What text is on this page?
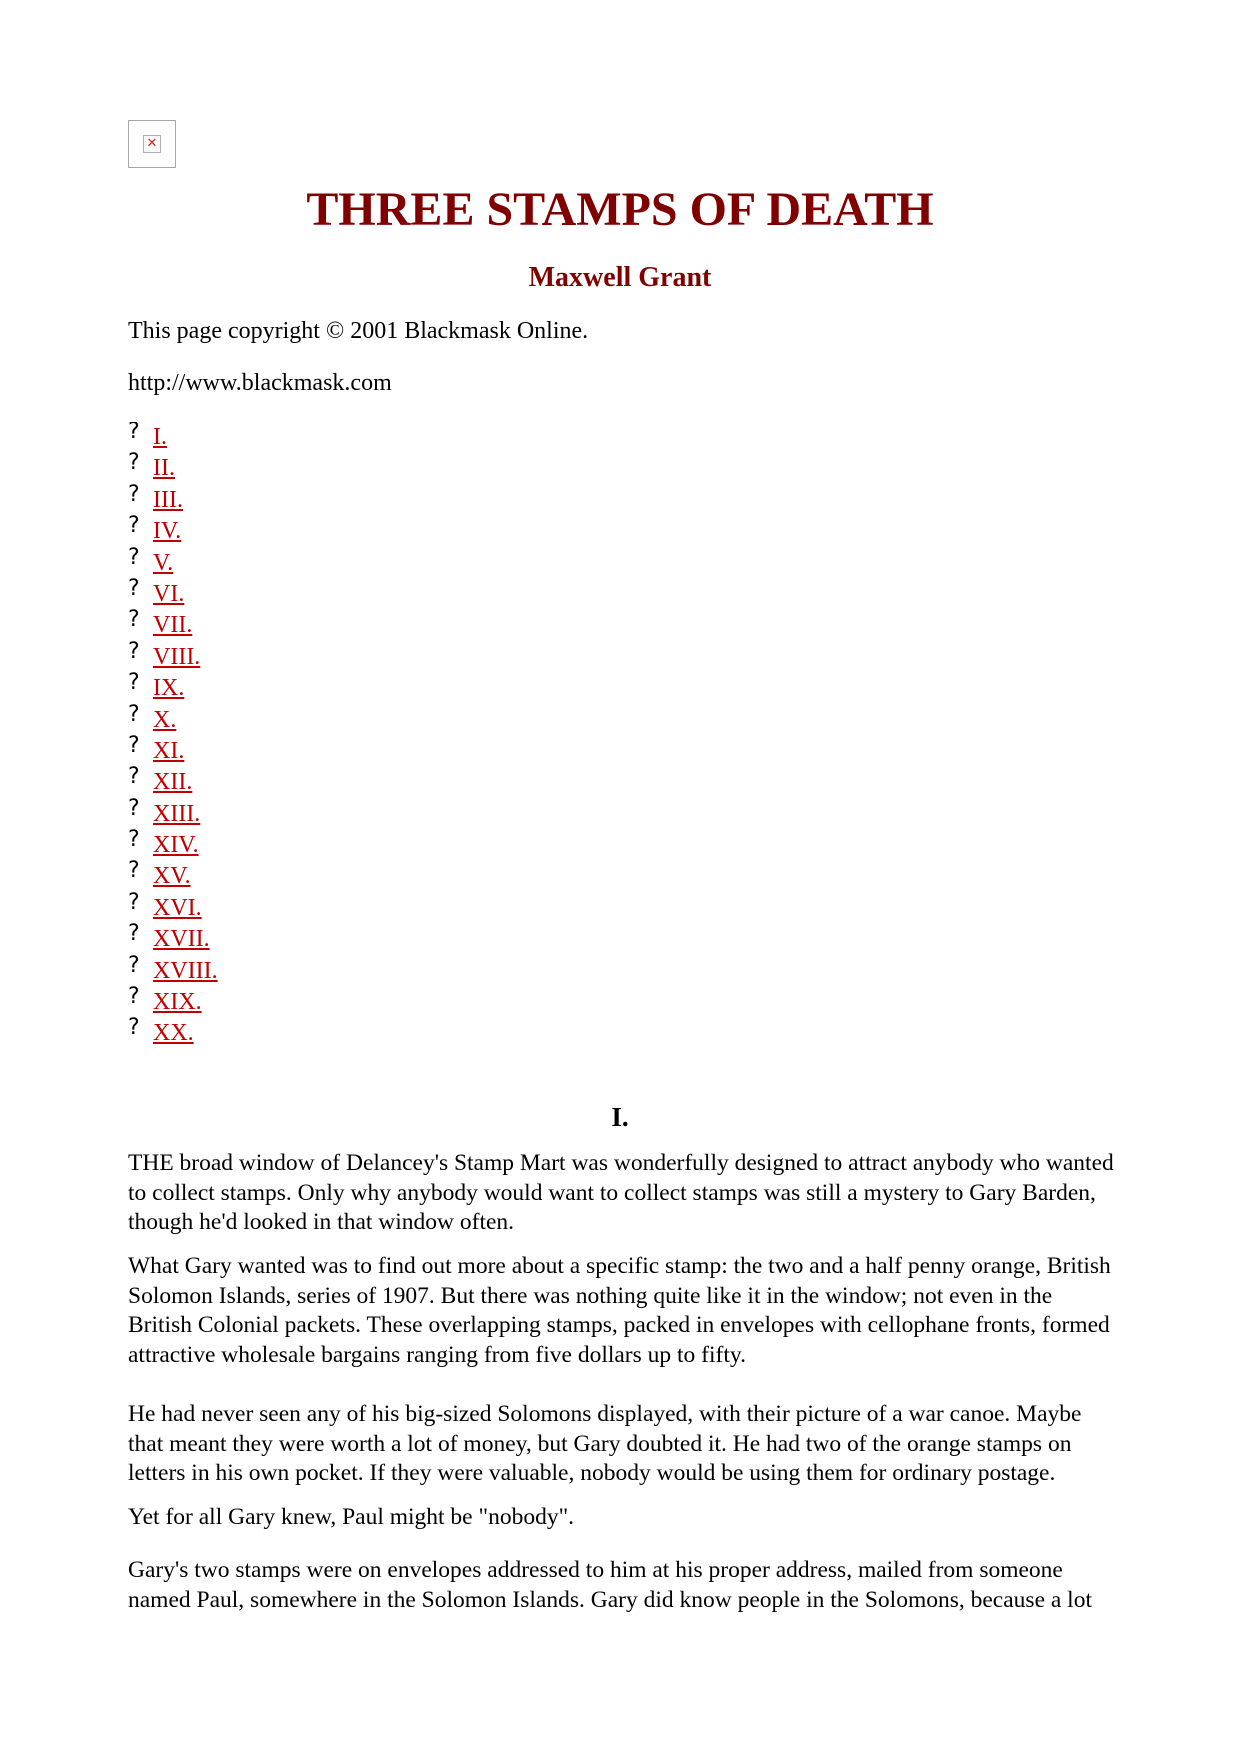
✕
THREE STAMPS OF DEATH
Maxwell Grant

This page copyright © 2001 Blackmask Online.

http://www.blackmask.com

? I.
? II.
? III.
? IV.
? V.
? VI.
? VII.
? VIII.
? IX.
? X.
? XI.
? XII.
? XIII.
? XIV.
? XV.
? XVI.
? XVII.
? XVIII.
? XIX.
? XX.
I.

THE broad window of Delancey's Stamp Mart was wonderfully designed to attract anybody who wanted to collect stamps. Only why anybody would want to collect stamps was still a mystery to Gary Barden, though he'd looked in that window often.

What Gary wanted was to find out more about a specific stamp: the two and a half penny orange, British Solomon Islands, series of 1907. But there was nothing quite like it in the window; not even in the British Colonial packets. These overlapping stamps, packed in envelopes with cellophane fronts, formed attractive wholesale bargains ranging from five dollars up to fifty.

He had never seen any of his big-sized Solomons displayed, with their picture of a war canoe. Maybe that meant they were worth a lot of money, but Gary doubted it. He had two of the orange stamps on letters in his own pocket. If they were valuable, nobody would be using them for ordinary postage.

Yet for all Gary knew, Paul might be "nobody".

Gary's two stamps were on envelopes addressed to him at his proper address, mailed from someone named Paul, somewhere in the Solomon Islands. Gary did know people in the Solomons, because a lot
